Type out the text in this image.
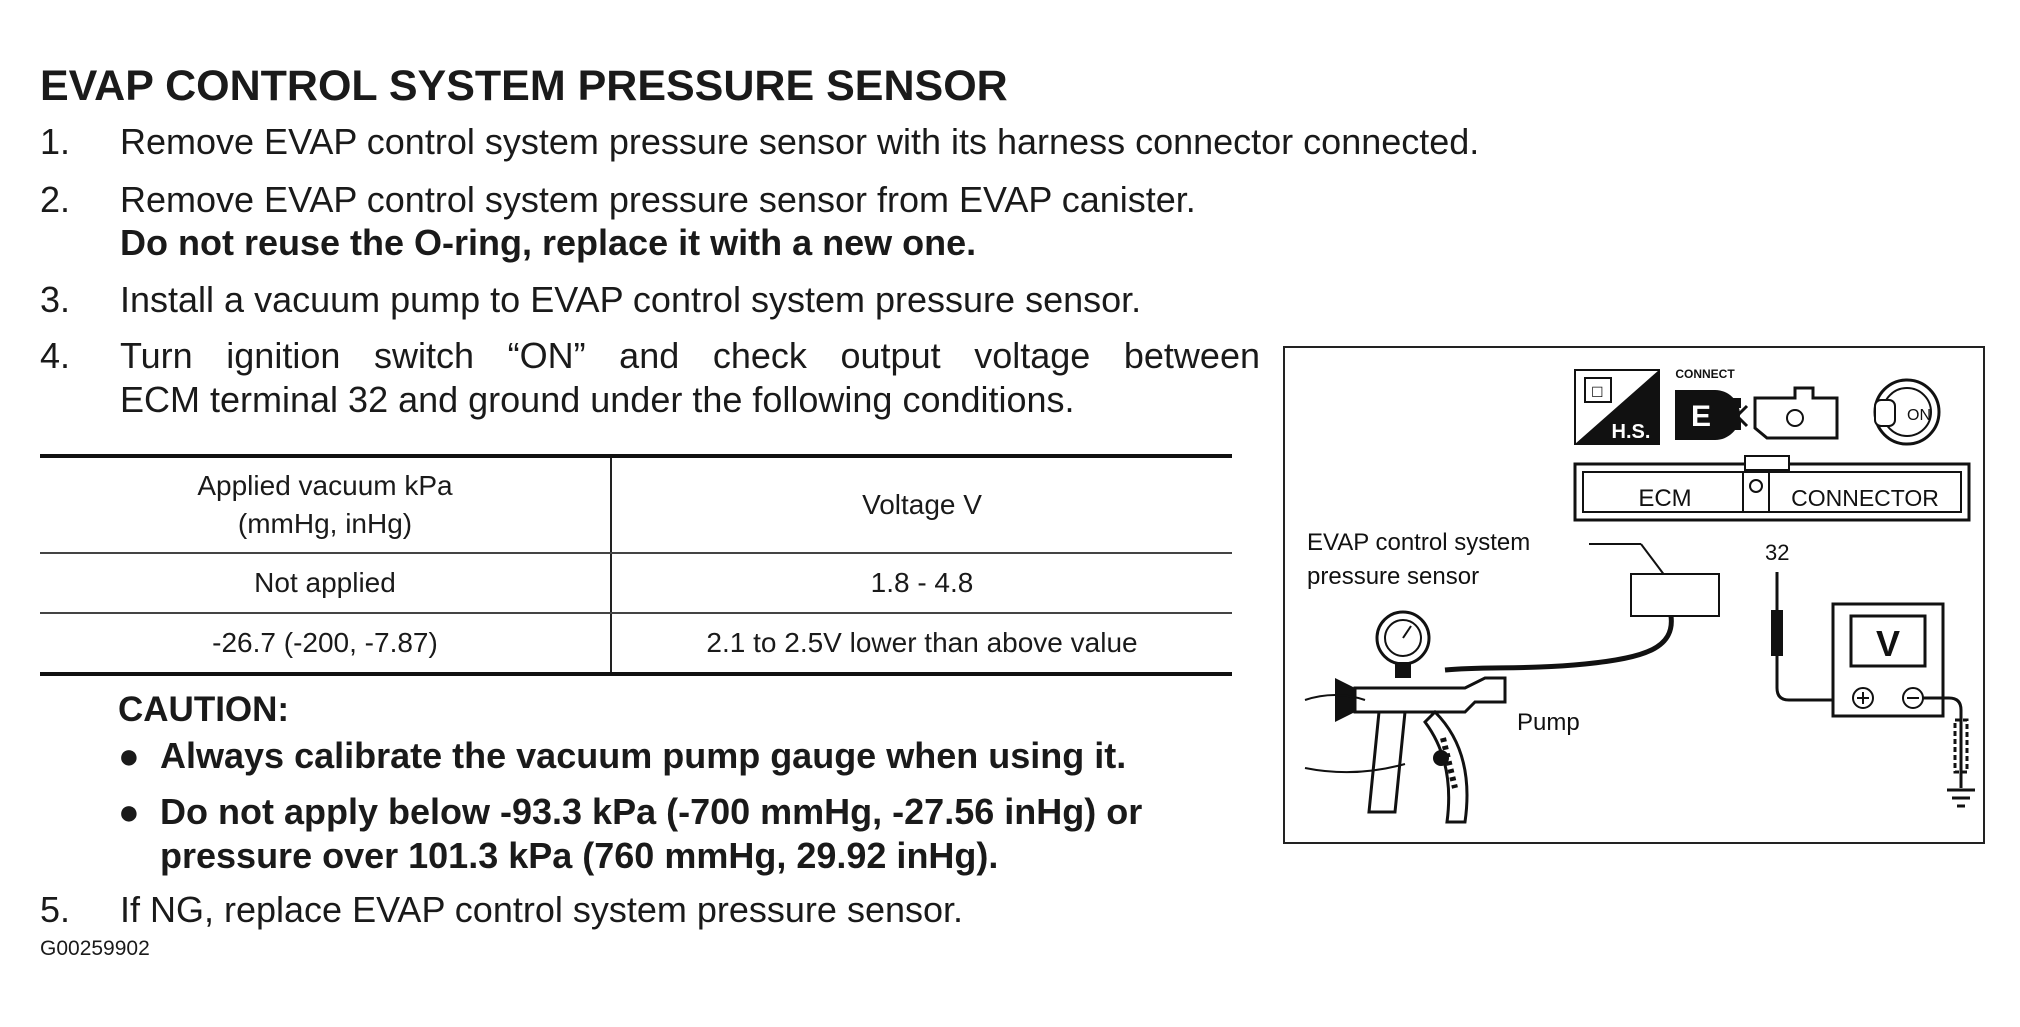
EVAP CONTROL SYSTEM PRESSURE SENSOR
1. Remove EVAP control system pressure sensor with its harness connector connected.
2. Remove EVAP control system pressure sensor from EVAP canister.
Do not reuse the O-ring, replace it with a new one.
3. Install a vacuum pump to EVAP control system pressure sensor.
4. Turn ignition switch “ON” and check output voltage between
ECM terminal 32 and ground under the following conditions.
Applied vacuum kPa
(mmHg, inHg)	Voltage V
Not applied	1.8 - 4.8
-26.7 (-200, -7.87)	2.1 to 2.5V lower than above value
CAUTION:
● Always calibrate the vacuum pump gauge when using it.
● Do not apply below -93.3 kPa (-700 mmHg, -27.56 inHg) or
pressure over 101.3 kPa (760 mmHg, 29.92 inHg).
5. If NG, replace EVAP control system pressure sensor.
G00259902
☐
H.S.
CONNECT
E	ON
ECM	CONNECTOR
EVAP control system
pressure sensor
Pump
32
V
